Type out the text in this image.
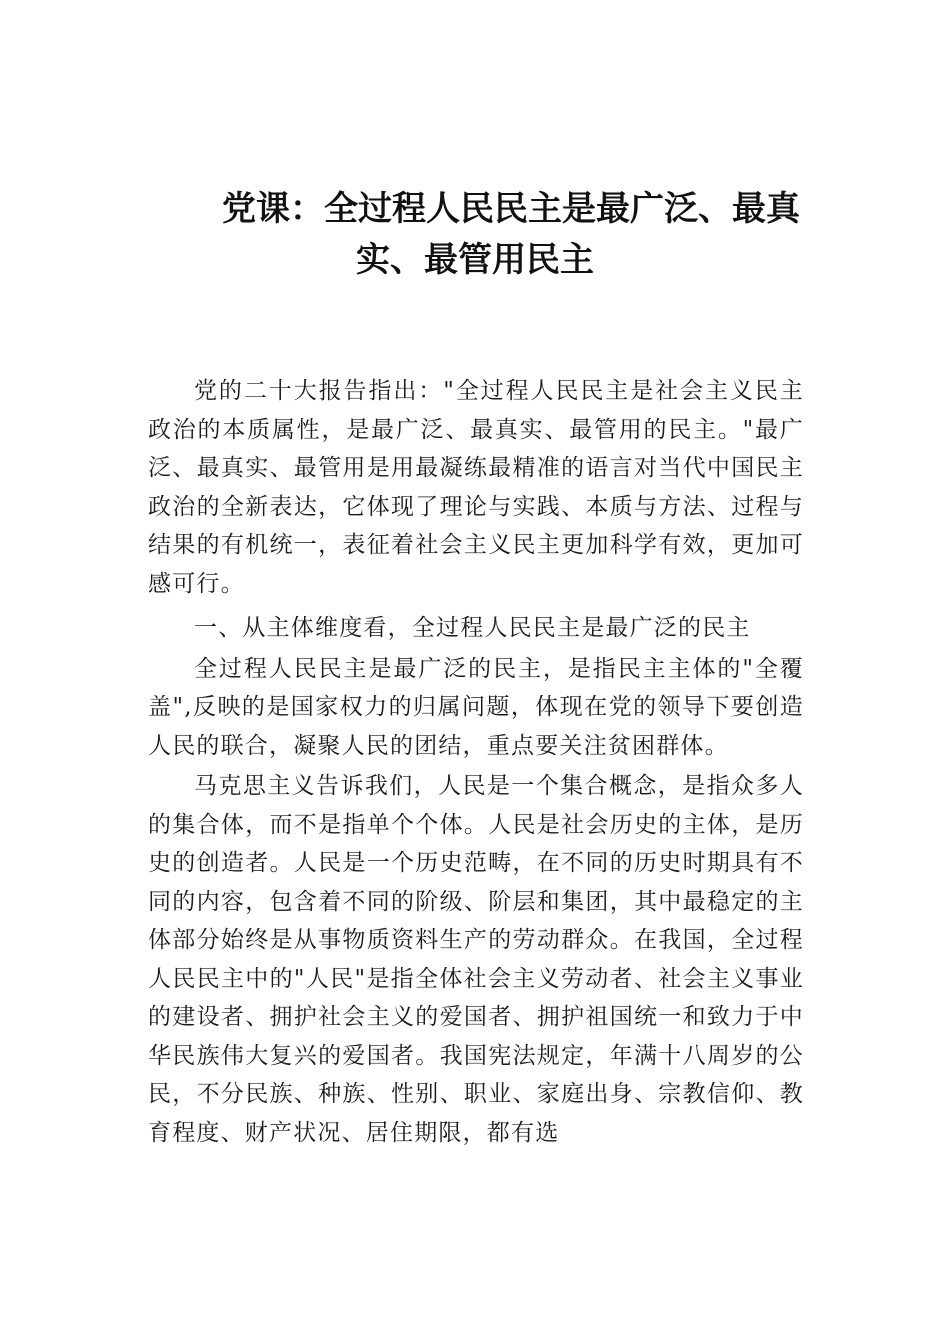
党课：全过程人民民主是最广泛、最真
实、最管用民主

党的二十大报告指出："全过程人民民主是社会主义民主政治的本质属性，是最广泛、最真实、最管用的民主。"最广泛、最真实、最管用是用最凝练最精准的语言对当代中国民主政治的全新表达，它体现了理论与实践、本质与方法、过程与结果的有机统一，表征着社会主义民主更加科学有效，更加可感可行。

一、从主体维度看，全过程人民民主是最广泛的民主

全过程人民民主是最广泛的民主，是指民主主体的"全覆盖",反映的是国家权力的归属问题，体现在党的领导下要创造人民的联合，凝聚人民的团结，重点要关注贫困群体。

马克思主义告诉我们，人民是一个集合概念，是指众多人的集合体，而不是指单个个体。人民是社会历史的主体，是历史的创造者。人民是一个历史范畴，在不同的历史时期具有不同的内容，包含着不同的阶级、阶层和集团，其中最稳定的主体部分始终是从事物质资料生产的劳动群众。在我国，全过程人民民主中的"人民"是指全体社会主义劳动者、社会主义事业的建设者、拥护社会主义的爱国者、拥护祖国统一和致力于中华民族伟大复兴的爱国者。我国宪法规定，年满十八周岁的公民，不分民族、种族、性别、职业、家庭出身、宗教信仰、教育程度、财产状况、居住期限，都有选
